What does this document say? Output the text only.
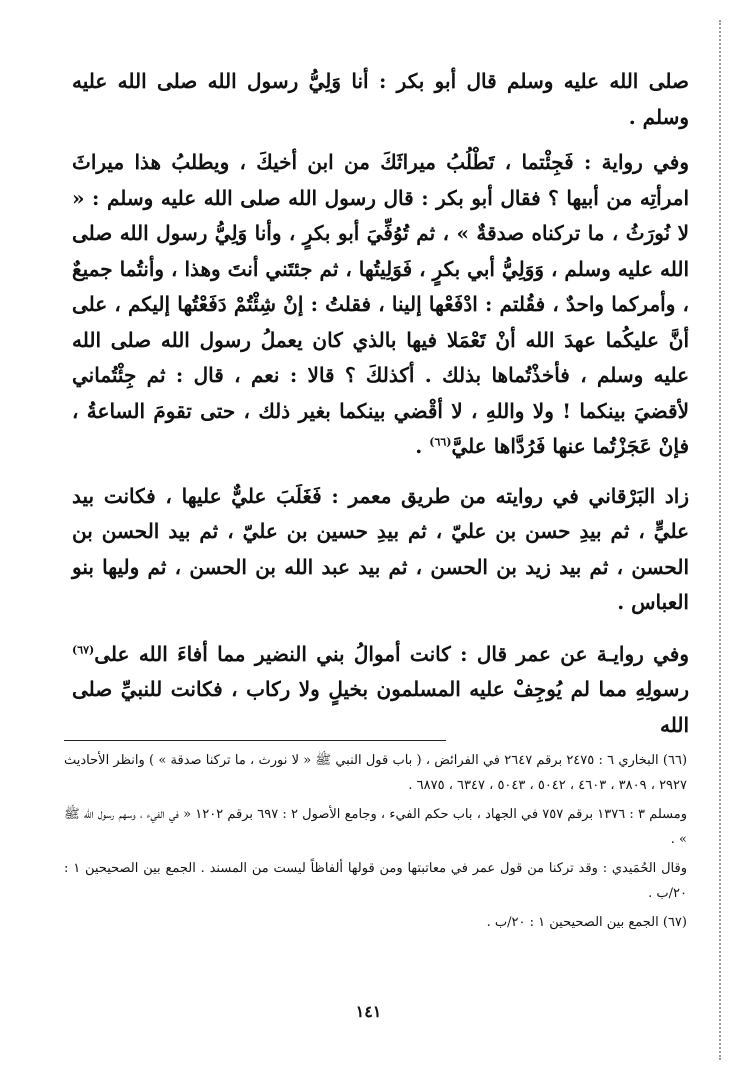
صلى الله عليه وسلم قال أبو بكر : أنا وَلِيُّ رسول الله صلى الله عليه وسلم .

وفي رواية : فَجِئْتما ، تَطْلُبُ ميراثَكَ من ابن أخيكَ ، ويطلبُ هذا ميراثَ امرأتِه من أبيها ؟ فقال أبو بكر : قال رسول الله صلى الله عليه وسلم : « لا نُورَثُ ، ما تركناه صدقةٌ » ، ثم تُوُفِّيَ أبو بكرٍ ، وأنا وَلِيُّ رسول الله صلى الله عليه وسلم ، وَوَلِيُّ أبي بكرٍ ، فَوَلِيتُها ، ثم جئتَني أنتَ وهذا ، وأنتُما جميعٌ ، وأمركما واحدٌ ، فقُلتم : ادْفَعْها إلينا ، فقلتُ : إنْ شِئْتُمْ دَفَعْتُها إليكم ، على أنَّ عليكُما عهدَ الله أنْ تَعْمَلا فيها بالذي كان يعملُ رسول الله صلى الله عليه وسلم ، فأخذْتُماها بذلك . أكذلكَ ؟ قالا : نعم ، قال : ثم جِئْتُماني لأقضيَ بينكما ! ولا واللهِ ، لا أقْضي بينكما بغير ذلك ، حتى تقومَ الساعةُ ، فإنْ عَجَزْتُما عنها فَرُدَّاها عليَّ$^{(٦٦)}$ .

زاد البَرْقاني في روايته من طريق معمر : فَغَلَبَ عليٌّ عليها ، فكانت بيد عليٍّ ، ثم بيدِ حسن بن عليّ ، ثم بيدِ حسين بن عليّ ، ثم بيد الحسن بن الحسن ، ثم بيد زيد بن الحسن ، ثم بيد عبد الله بن الحسن ، ثم وليها بنو العباس .

وفي روايـة عن عمر قال : كانت أموالُ بني النضير مما أفاءَ الله على$^{(٦٧)}$ رسولِهِ مما لم يُوجِفْ عليه المسلمون بخيلٍ ولا ركاب ، فكانت للنبيِّ صلى الله

(٦٦) البخاري ٦ : ٢٤٧٥ برقم ٢٦٤٧ في الفرائض ، ( باب قول النبي ﷺ « لا نورث ، ما تركنا صدقة » ) وانظر الأحاديث ٢٩٢٧ ، ٣٨٠٩ ، ٤٦٠٣ ، ٥٠٤٢ ، ٥٠٤٣ ، ٦٣٤٧ ، ٦٨٧٥ .

ومسلم ٣ : ١٣٧٦ برقم ٧٥٧ في الجهاد ، باب حكم الفيء ، وجامع الأصول ٢ : ٦٩٧ برقم ١٢٠٢ « في الفيء ، وسهم رسول الله ﷺ » .

وقال الحُمَيدي : وقد تركنا من قول عمر في معاتبتها ومن قولها ألفاظاً ليست من المسند . الجمع بين الصحيحين ١ : ٢٠/ب .

(٦٧) الجمع بين الصحيحين ١ : ٢٠/ب .

١٤١
